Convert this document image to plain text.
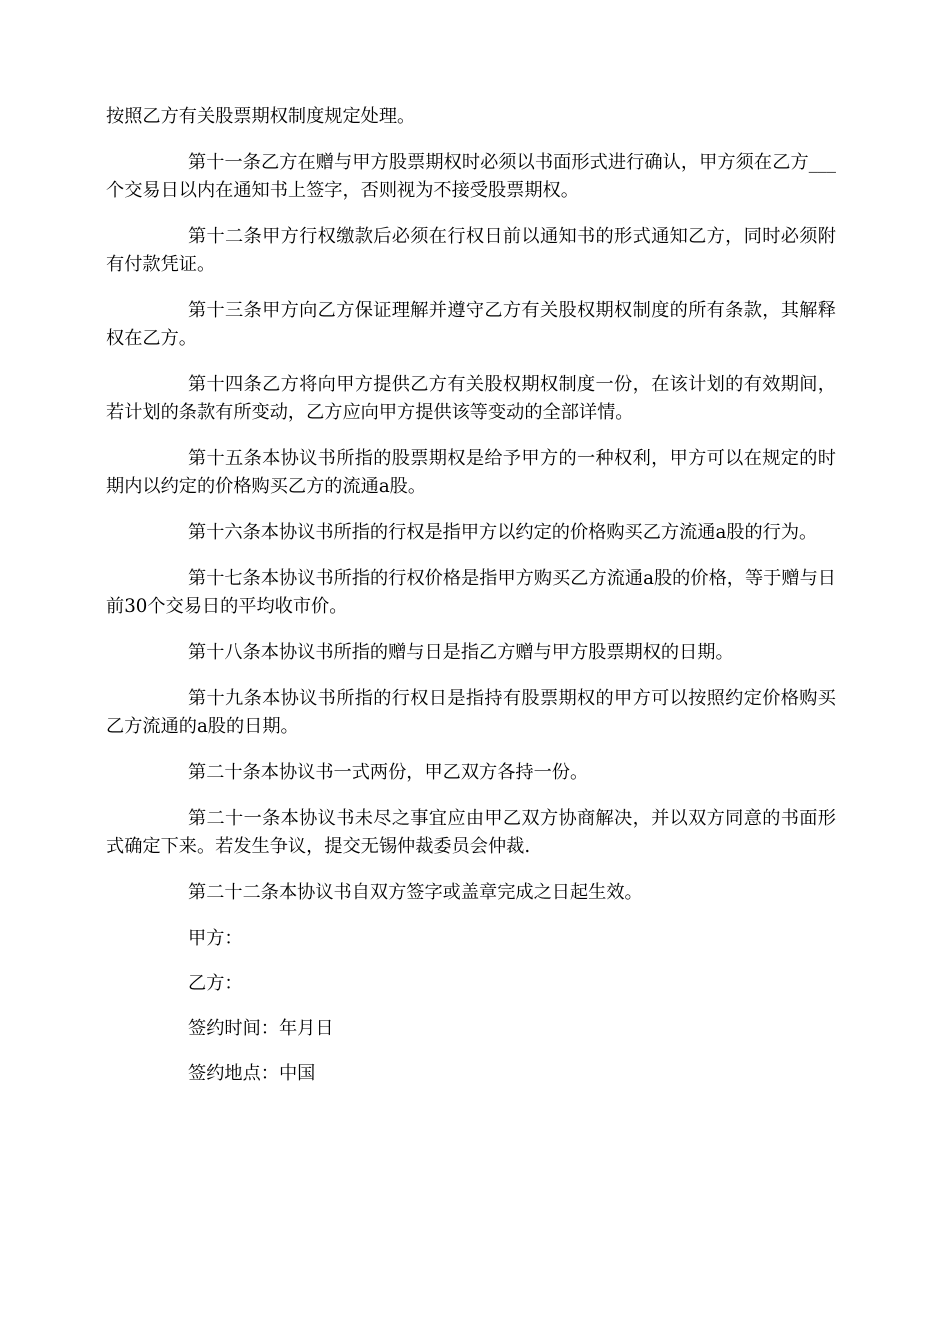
按照乙方有关股票期权制度规定处理。

第十一条乙方在赠与甲方股票期权时必须以书面形式进行确认，甲方须在乙方___个交易日以内在通知书上签字，否则视为不接受股票期权。

第十二条甲方行权缴款后必须在行权日前以通知书的形式通知乙方，同时必须附有付款凭证。

第十三条甲方向乙方保证理解并遵守乙方有关股权期权制度的所有条款，其解释权在乙方。

第十四条乙方将向甲方提供乙方有关股权期权制度一份，在该计划的有效期间，若计划的条款有所变动，乙方应向甲方提供该等变动的全部详情。

第十五条本协议书所指的股票期权是给予甲方的一种权利，甲方可以在规定的时期内以约定的价格购买乙方的流通a股。

第十六条本协议书所指的行权是指甲方以约定的价格购买乙方流通a股的行为。

第十七条本协议书所指的行权价格是指甲方购买乙方流通a股的价格，等于赠与日前30个交易日的平均收市价。

第十八条本协议书所指的赠与日是指乙方赠与甲方股票期权的日期。

第十九条本协议书所指的行权日是指持有股票期权的甲方可以按照约定价格购买乙方流通的a股的日期。

第二十条本协议书一式两份，甲乙双方各持一份。

第二十一条本协议书未尽之事宜应由甲乙双方协商解决，并以双方同意的书面形式确定下来。若发生争议，提交无锡仲裁委员会仲裁.

第二十二条本协议书自双方签字或盖章完成之日起生效。

甲方：

乙方：

签约时间：年月日

签约地点：中国
